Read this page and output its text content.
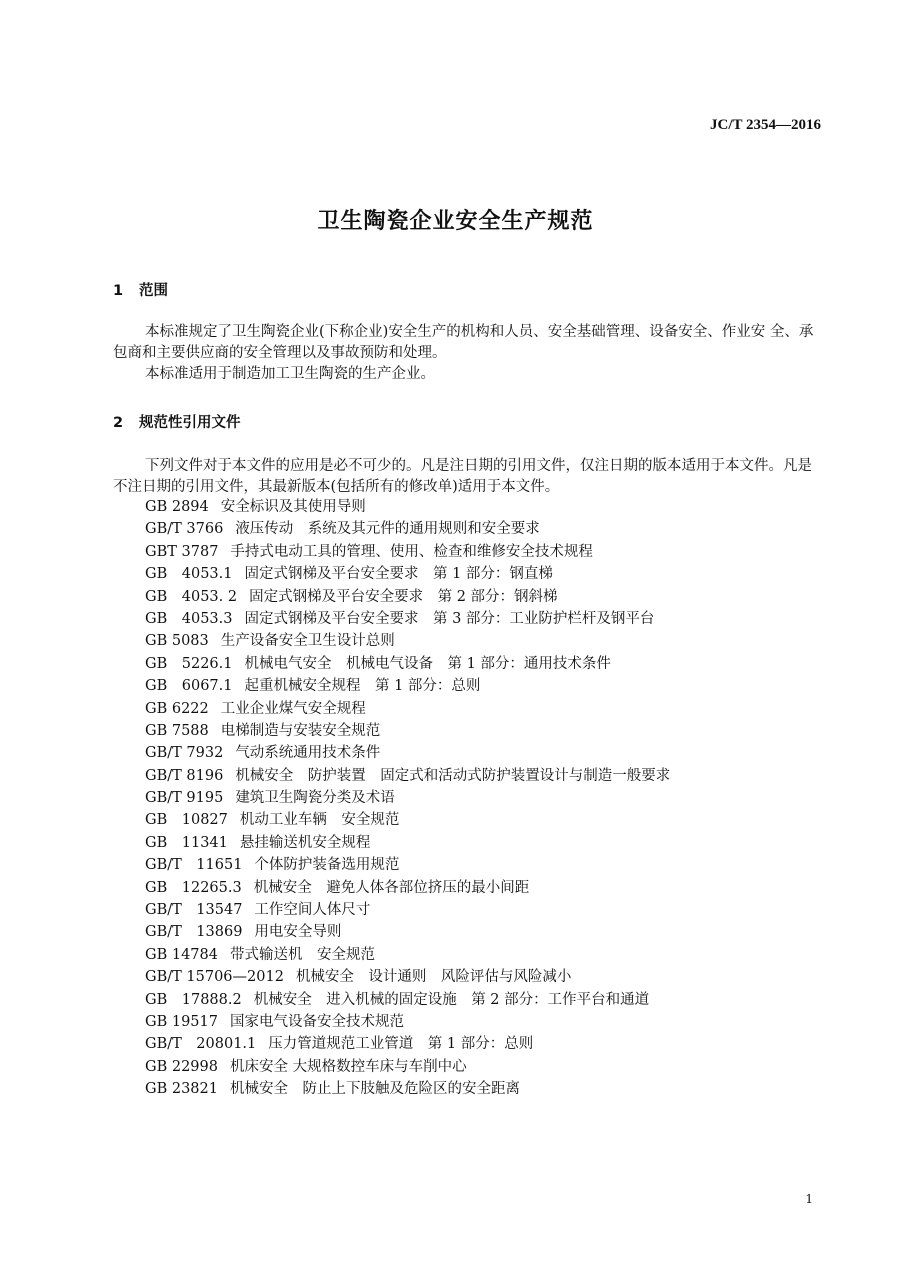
JC/T 2354—2016
卫生陶瓷企业安全生产规范
1 范围
本标准规定了卫生陶瓷企业(下称企业)安全生产的机构和人员、安全基础管理、设备安全、作业安 全、承包商和主要供应商的安全管理以及事故预防和处理。
本标准适用于制造加工卫生陶瓷的生产企业。
2 规范性引用文件
下列文件对于本文件的应用是必不可少的。凡是注日期的引用文件，仅注日期的版本适用于本文件。凡是不注日期的引用文件，其最新版本(包括所有的修改单)适用于本文件。
GB 2894 安全标识及其使用导则
GB/T 3766 液压传动　系统及其元件的通用规则和安全要求
GBT 3787 手持式电动工具的管理、使用、检查和维修安全技术规程
GB　4053.1 固定式钢梯及平台安全要求　第 1 部分：钢直梯
GB　4053. 2 固定式钢梯及平台安全要求　第 2 部分：钢斜梯
GB　4053.3 固定式钢梯及平台安全要求　第 3 部分：工业防护栏杆及钢平台
GB 5083 生产设备安全卫生设计总则
GB　5226.1 机械电气安全　机械电气设备　第 1 部分：通用技术条件
GB　6067.1 起重机械安全规程　第 1 部分：总则
GB 6222 工业企业煤气安全规程
GB 7588 电梯制造与安装安全规范
GB/T 7932 气动系统通用技术条件
GB/T 8196 机械安全　防护装置　固定式和活动式防护装置设计与制造一般要求
GB/T 9195 建筑卫生陶瓷分类及术语
GB　10827 机动工业车辆　安全规范
GB　11341 悬挂输送机安全规程
GB/T　11651 个体防护装备选用规范
GB　12265.3 机械安全　避免人体各部位挤压的最小间距
GB/T　13547 工作空间人体尺寸
GB/T　13869 用电安全导则
GB 14784 带式输送机　安全规范
GB/T 15706—2012 机械安全　设计通则　风险评估与风险减小
GB　17888.2 机械安全　进入机械的固定设施　第 2 部分：工作平台和通道
GB 19517 国家电气设备安全技术规范
GB/T　20801.1 压力管道规范工业管道　第 1 部分：总则
GB 22998 机床安全 大规格数控车床与车削中心
GB 23821 机械安全　防止上下肢触及危险区的安全距离
1
